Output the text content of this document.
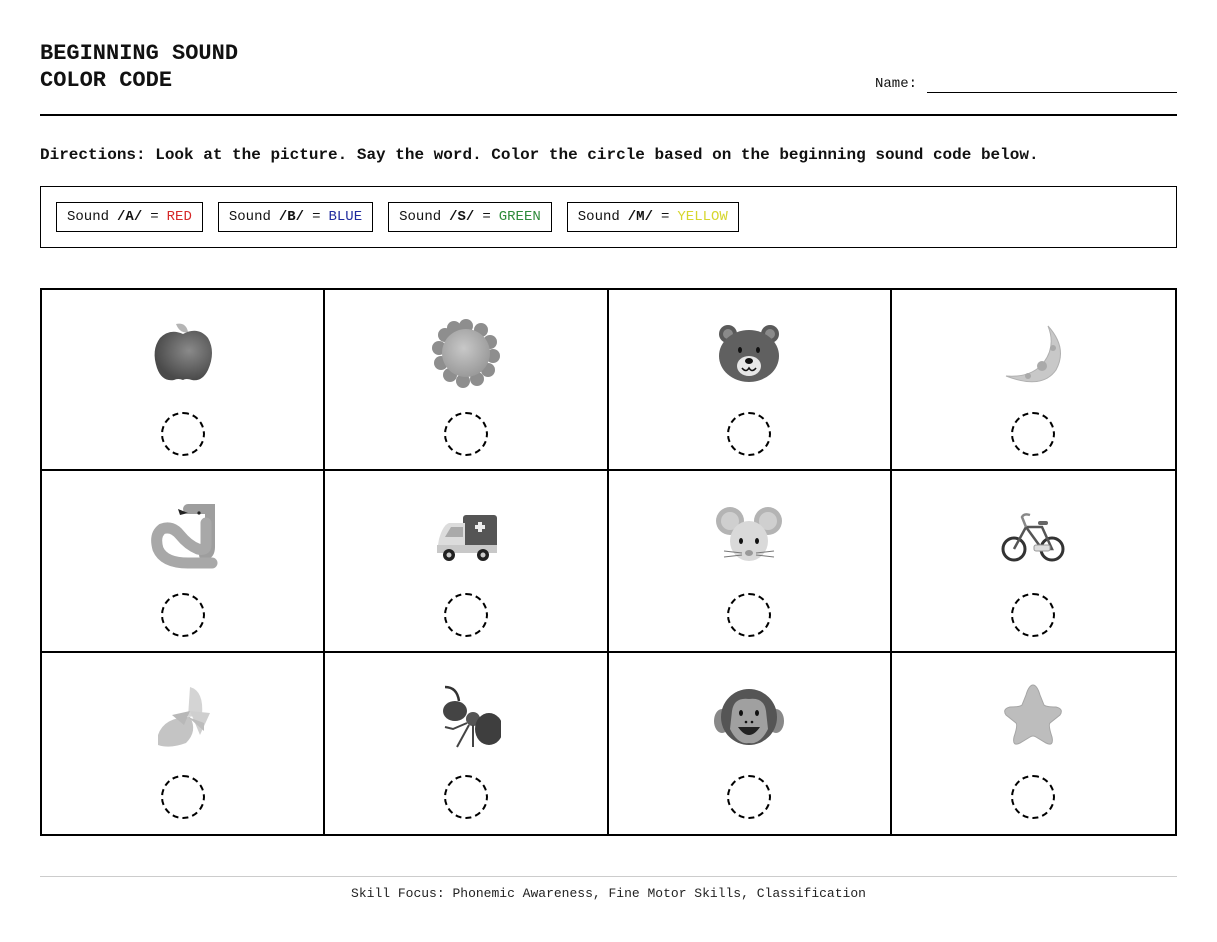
BEGINNING SOUND
COLOR CODE	Name:
Directions: Look at the picture. Say the word. Color the circle based on the beginning sound code below.
Sound /A/ = RED	Sound /B/ = BLUE	Sound /S/ = GREEN	Sound /M/ = YELLOW
Skill Focus: Phonemic Awareness, Fine Motor Skills, Classification
